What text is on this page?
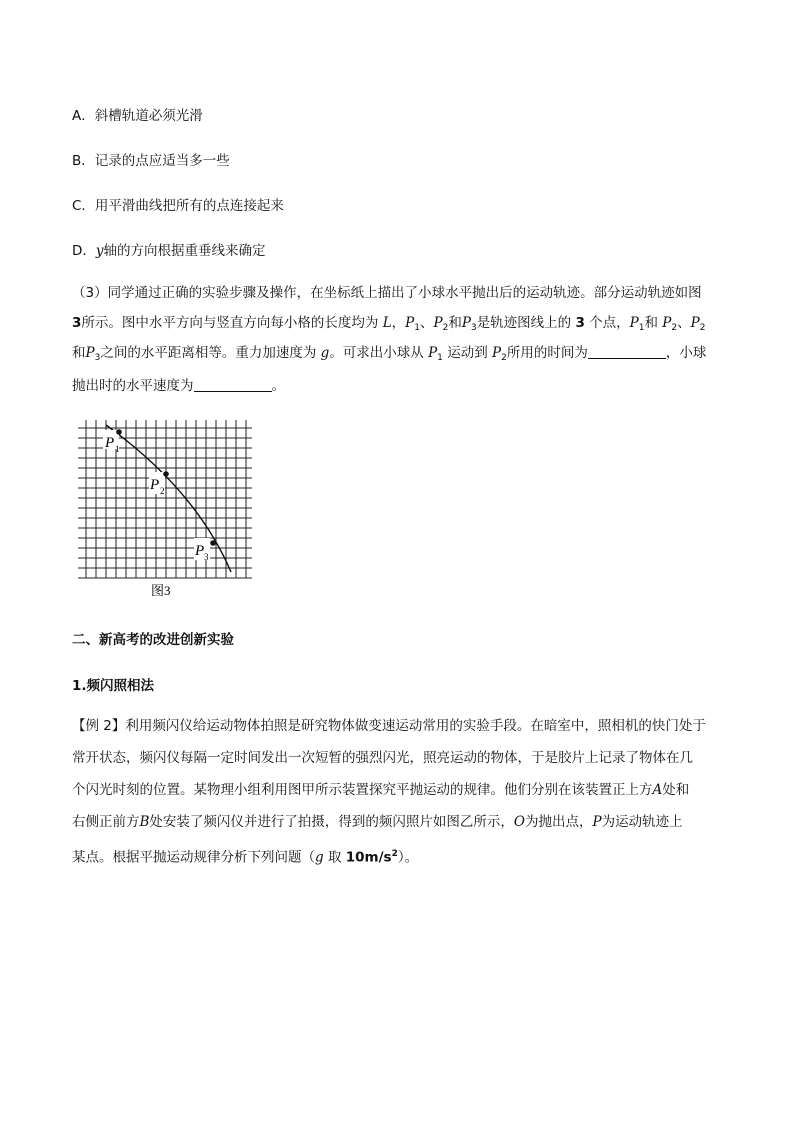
A．斜槽轨道必须光滑
B．记录的点应适当多一些
C．用平滑曲线把所有的点连接起来
D．y轴的方向根据重垂线来确定
（3）同学通过正确的实验步骤及操作，在坐标纸上描出了小球水平抛出后的运动轨迹。部分运动轨迹如图
3所示。图中水平方向与竖直方向每小格的长度均为 L，$P_1$、$P_2$和$P_3$是轨迹图线上的 3 个点，$P_1$和 $P_2$、$P_2$
和$P_3$之间的水平距离相等。重力加速度为 g。可求出小球从 $P_1$ 运动到 $P_2$所用的时间为	，小球
抛出时的水平速度为	。
P 1
P 2
P 3
图3
二、新高考的改进创新实验
1.频闪照相法
【例 2】利用频闪仪给运动物体拍照是研究物体做变速运动常用的实验手段。在暗室中，照相机的快门处于
常开状态，频闪仪每隔一定时间发出一次短暂的强烈闪光，照亮运动的物体，于是胶片上记录了物体在几
个闪光时刻的位置。某物理小组利用图甲所示装置探究平抛运动的规律。他们分别在该装置正上方A处和
右侧正前方B处安装了频闪仪并进行了拍摄，得到的频闪照片如图乙所示，O为抛出点，P为运动轨迹上
某点。根据平抛运动规律分析下列问题（g 取 $10m/s^2$）。
